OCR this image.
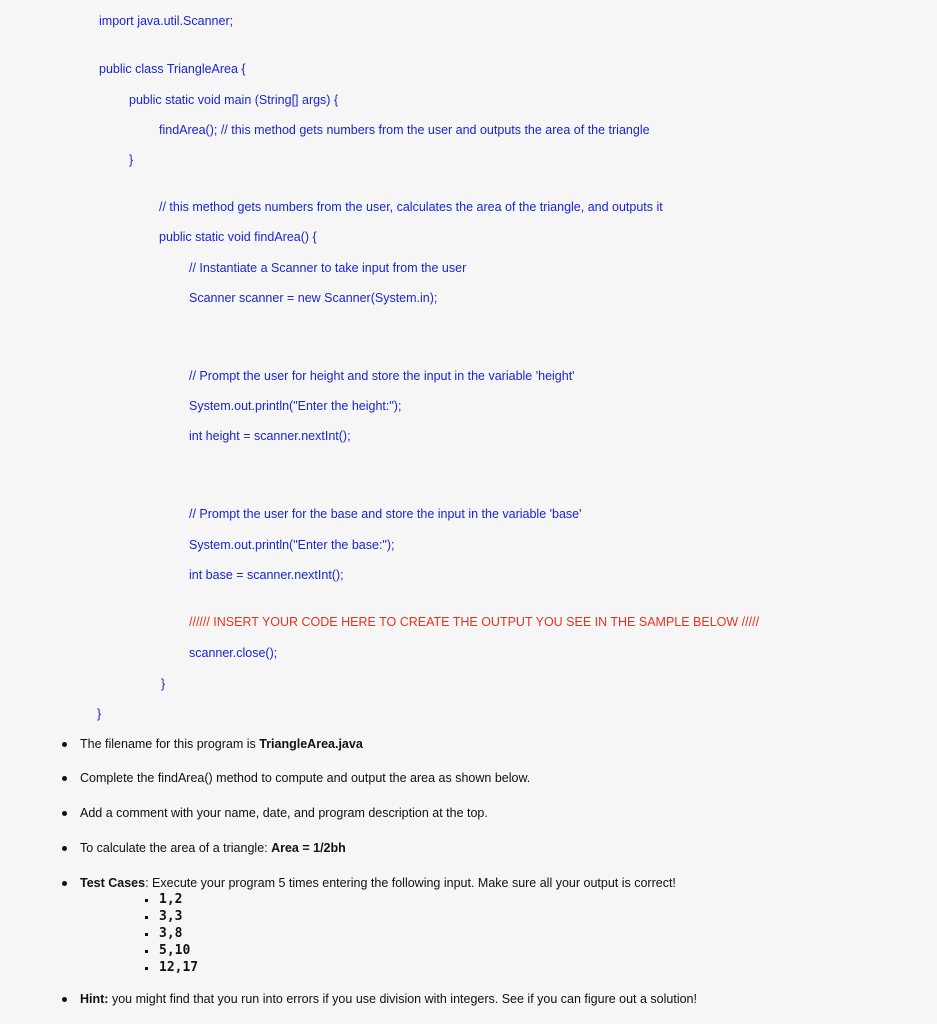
import java.util.Scanner;
public class TriangleArea {
public static void main (String[] args) {
findArea(); // this method gets numbers from the user and outputs the area of the triangle
}
// this method gets numbers from the user, calculates the area of the triangle, and outputs it
public static void findArea() {
// Instantiate a Scanner to take input from the user
Scanner scanner = new Scanner(System.in);
// Prompt the user for height and store the input in the variable 'height'
System.out.println("Enter the height:");
int height = scanner.nextInt();
// Prompt the user for the base and store the input in the variable 'base'
System.out.println("Enter the base:");
int base = scanner.nextInt();
////// INSERT YOUR CODE HERE TO CREATE THE OUTPUT YOU SEE IN THE SAMPLE BELOW /////
scanner.close();
}
}
The filename for this program is TriangleArea.java
Complete the findArea() method to compute and output the area as shown below.
Add a comment with your name, date, and program description at the top.
To calculate the area of a triangle: Area = 1/2bh
Test Cases: Execute your program 5 times entering the following input. Make sure all your output is correct!
1,2
3,3
3,8
5,10
12,17
Hint: you might find that you run into errors if you use division with integers. See if you can figure out a solution!
